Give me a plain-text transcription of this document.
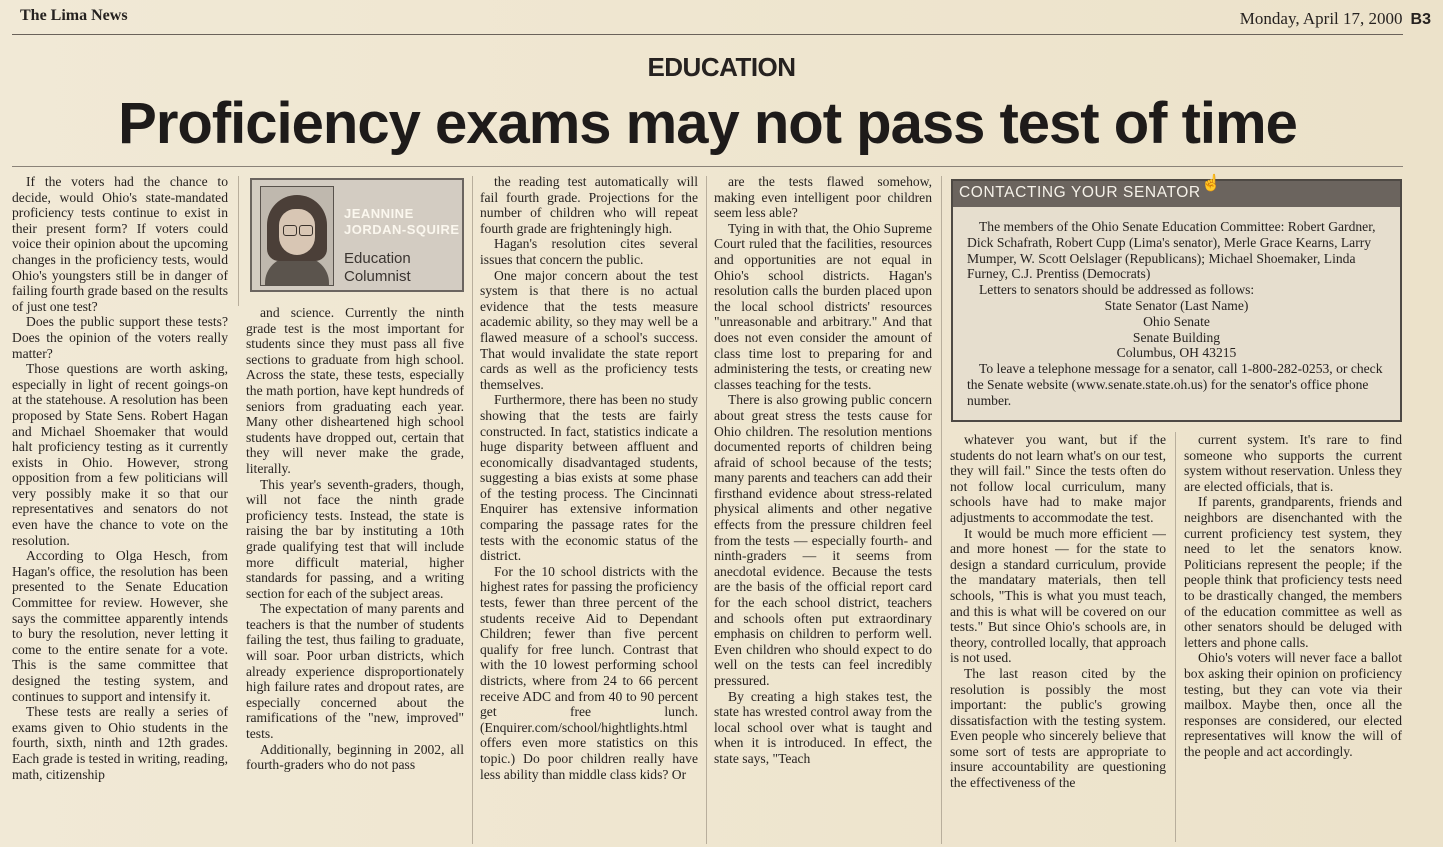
The Lima News	Monday, April 17, 2000 B3
EDUCATION
Proficiency exams may not pass test of time

If the voters had the chance to decide, would Ohio's state-mandated proficiency tests continue to exist in their present form? If voters could voice their opinion about the upcoming changes in the proficiency tests, would Ohio's youngsters still be in danger of failing fourth grade based on the results of just one test?

Does the public support these tests? Does the opinion of the voters really matter?

Those questions are worth asking, especially in light of recent goings-on at the statehouse. A resolution has been proposed by State Sens. Robert Hagan and Michael Shoemaker that would halt proficiency testing as it currently exists in Ohio. However, strong opposition from a few politicians will very possibly make it so that our representatives and senators do not even have the chance to vote on the resolution.

According to Olga Hesch, from Hagan's office, the resolution has been presented to the Senate Education Committee for review. However, she says the committee apparently intends to bury the resolution, never letting it come to the entire senate for a vote. This is the same committee that designed the testing system, and continues to support and intensify it.

These tests are really a series of exams given to Ohio students in the fourth, sixth, ninth and 12th grades. Each grade is tested in writing, reading, math, citizenship

JEANNINE
JORDAN-SQUIRE
Education
Columnist

and science. Currently the ninth grade test is the most important for students since they must pass all five sections to graduate from high school. Across the state, these tests, especially the math portion, have kept hundreds of seniors from graduating each year. Many other disheartened high school students have dropped out, certain that they will never make the grade, literally.

This year's seventh-graders, though, will not face the ninth grade proficiency tests. Instead, the state is raising the bar by instituting a 10th grade qualifying test that will include more difficult material, higher standards for passing, and a writing section for each of the subject areas.

The expectation of many parents and teachers is that the number of students failing the test, thus failing to graduate, will soar. Poor urban districts, which already experience disproportionately high failure rates and dropout rates, are especially concerned about the ramifications of the "new, improved" tests.

Additionally, beginning in 2002, all fourth-graders who do not pass

the reading test automatically will fail fourth grade. Projections for the number of children who will repeat fourth grade are frighteningly high.

Hagan's resolution cites several issues that concern the public.

One major concern about the test system is that there is no actual evidence that the tests measure academic ability, so they may well be a flawed measure of a school's success. That would invalidate the state report cards as well as the proficiency tests themselves.

Furthermore, there has been no study showing that the tests are fairly constructed. In fact, statistics indicate a huge disparity between affluent and economically disadvantaged students, suggesting a bias exists at some phase of the testing process. The Cincinnati Enquirer has extensive information comparing the passage rates for the tests with the economic status of the district.

For the 10 school districts with the highest rates for passing the proficiency tests, fewer than three percent of the students receive Aid to Dependant Children; fewer than five percent qualify for free lunch. Contrast that with the 10 lowest performing school districts, where from 24 to 66 percent receive ADC and from 40 to 90 percent get free lunch. (Enquirer.com/school/hightlights.html offers even more statistics on this topic.) Do poor children really have less ability than middle class kids? Or

are the tests flawed somehow, making even intelligent poor children seem less able?

Tying in with that, the Ohio Supreme Court ruled that the facilities, resources and opportunities are not equal in Ohio's school districts. Hagan's resolution calls the burden placed upon the local school districts' resources "unreasonable and arbitrary." And that does not even consider the amount of class time lost to preparing for and administering the tests, or creating new classes teaching for the tests.

There is also growing public concern about great stress the tests cause for Ohio children. The resolution mentions documented reports of children being afraid of school because of the tests; many parents and teachers can add their firsthand evidence about stress-related physical aliments and other negative effects from the pressure children feel from the tests — especially fourth- and ninth-graders — it seems from anecdotal evidence. Because the tests are the basis of the official report card for the each school district, teachers and schools often put extraordinary emphasis on children to perform well. Even children who should expect to do well on the tests can feel incredibly pressured.

By creating a high stakes test, the state has wrested control away from the local school over what is taught and when it is introduced. In effect, the state says, "Teach

CONTACTING YOUR SENATOR

The members of the Ohio Senate Education Committee: Robert Gardner, Dick Schafrath, Robert Cupp (Lima's senator), Merle Grace Kearns, Larry Mumper, W. Scott Oelslager (Republicans); Michael Shoemaker, Linda Furney, C.J. Prentiss (Democrats)

Letters to senators should be addressed as follows:

State Senator (Last Name)
Ohio Senate
Senate Building
Columbus, OH 43215

To leave a telephone message for a senator, call 1-800-282-0253, or check the Senate website (www.senate.state.oh.us) for the senator's office phone number.

whatever you want, but if the students do not learn what's on our test, they will fail." Since the tests often do not follow local curriculum, many schools have had to make major adjustments to accommodate the test.

It would be much more efficient — and more honest — for the state to design a standard curriculum, provide the mandatary materials, then tell schools, "This is what you must teach, and this is what will be covered on our tests." But since Ohio's schools are, in theory, controlled locally, that approach is not used.

The last reason cited by the resolution is possibly the most important: the public's growing dissatisfaction with the testing system. Even people who sincerely believe that some sort of tests are appropriate to insure accountability are questioning the effectiveness of the

current system. It's rare to find someone who supports the current system without reservation. Unless they are elected officials, that is.

If parents, grandparents, friends and neighbors are disenchanted with the current proficiency test system, they need to let the senators know. Politicians represent the people; if the people think that proficiency tests need to be drastically changed, the members of the education committee as well as other senators should be deluged with letters and phone calls.

Ohio's voters will never face a ballot box asking their opinion on proficiency testing, but they can vote via their mailbox. Maybe then, once all the responses are considered, our elected representatives will know the will of the people and act accordingly.

☝
